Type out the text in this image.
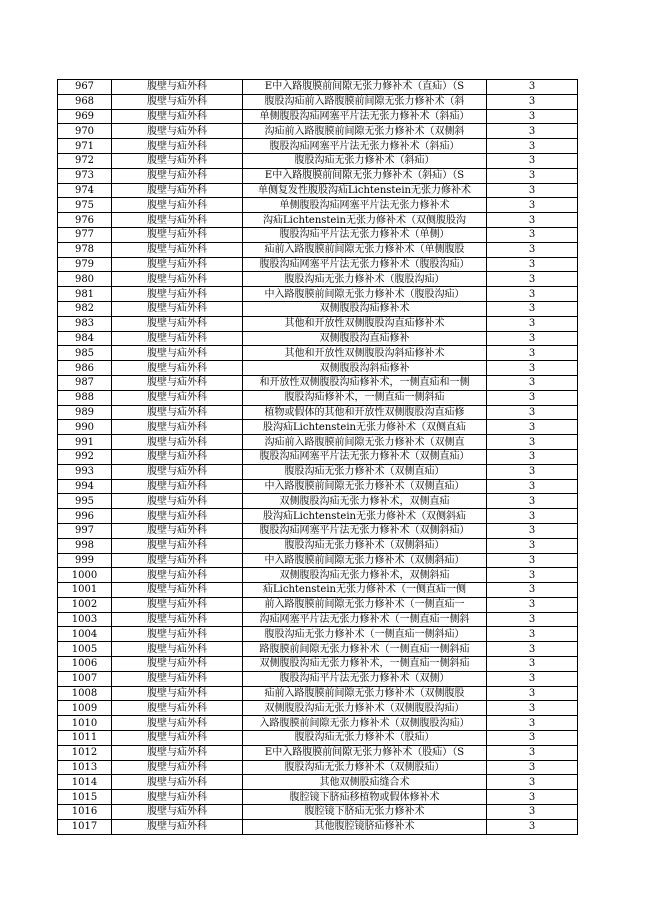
967	腹壁与疝外科	E中入路腹膜前间隙无张力修补术（直疝）（S	3
968	腹壁与疝外科	腹股沟疝前入路腹膜前间隙无张力修补术（斜	3
969	腹壁与疝外科	单侧腹股沟疝网塞平片法无张力修补术（斜疝）	3
970	腹壁与疝外科	沟疝前入路腹膜前间隙无张力修补术（双侧斜	3
971	腹壁与疝外科	腹股沟疝网塞平片法无张力修补术（斜疝）	3
972	腹壁与疝外科	腹股沟疝无张力修补术（斜疝）	3
973	腹壁与疝外科	E中入路腹膜前间隙无张力修补术（斜疝）（S	3
974	腹壁与疝外科	单侧复发性腹股沟疝Lichtenstein无张力修补术	3
975	腹壁与疝外科	单侧腹股沟疝网塞平片法无张力修补术	3
976	腹壁与疝外科	沟疝Lichtenstein无张力修补术（双侧腹股沟	3
977	腹壁与疝外科	腹股沟疝平片法无张力修补术（单侧）	3
978	腹壁与疝外科	疝前入路腹膜前间隙无张力修补术（单侧腹股	3
979	腹壁与疝外科	腹股沟疝网塞平片法无张力修补术（腹股沟疝）	3
980	腹壁与疝外科	腹股沟疝无张力修补术（腹股沟疝）	3
981	腹壁与疝外科	中入路腹膜前间隙无张力修补术（腹股沟疝）	3
982	腹壁与疝外科	双侧腹股沟疝修补术	3
983	腹壁与疝外科	其他和开放性双侧腹股沟直疝修补术	3
984	腹壁与疝外科	双侧腹股沟直疝修补	3
985	腹壁与疝外科	其他和开放性双侧腹股沟斜疝修补术	3
986	腹壁与疝外科	双侧腹股沟斜疝修补	3
987	腹壁与疝外科	和开放性双侧腹股沟疝修补术，一侧直疝和一侧	3
988	腹壁与疝外科	腹股沟疝修补术，一侧直疝一侧斜疝	3
989	腹壁与疝外科	植物或假体的其他和开放性双侧腹股沟直疝修	3
990	腹壁与疝外科	股沟疝Lichtenstein无张力修补术（双侧直疝	3
991	腹壁与疝外科	沟疝前入路腹膜前间隙无张力修补术（双侧直	3
992	腹壁与疝外科	腹股沟疝网塞平片法无张力修补术（双侧直疝）	3
993	腹壁与疝外科	腹股沟疝无张力修补术（双侧直疝）	3
994	腹壁与疝外科	中入路腹膜前间隙无张力修补术（双侧直疝）	3
995	腹壁与疝外科	双侧腹股沟疝无张力修补术，双侧直疝	3
996	腹壁与疝外科	股沟疝Lichtenstein无张力修补术（双侧斜疝	3
997	腹壁与疝外科	腹股沟疝网塞平片法无张力修补术（双侧斜疝）	3
998	腹壁与疝外科	腹股沟疝无张力修补术（双侧斜疝）	3
999	腹壁与疝外科	中入路腹膜前间隙无张力修补术（双侧斜疝）	3
1000	腹壁与疝外科	双侧腹股沟疝无张力修补术，双侧斜疝	3
1001	腹壁与疝外科	疝Lichtenstein无张力修补术（一侧直疝一侧	3
1002	腹壁与疝外科	前入路腹膜前间隙无张力修补术（一侧直疝一	3
1003	腹壁与疝外科	沟疝网塞平片法无张力修补术（一侧直疝一侧斜	3
1004	腹壁与疝外科	腹股沟疝无张力修补术（一侧直疝一侧斜疝）	3
1005	腹壁与疝外科	路腹膜前间隙无张力修补术（一侧直疝一侧斜疝	3
1006	腹壁与疝外科	双侧腹股沟疝无张力修补术，一侧直疝一侧斜疝	3
1007	腹壁与疝外科	腹股沟疝平片法无张力修补术（双侧）	3
1008	腹壁与疝外科	疝前入路腹膜前间隙无张力修补术（双侧腹股	3
1009	腹壁与疝外科	双侧腹股沟疝无张力修补术（双侧腹股沟疝）	3
1010	腹壁与疝外科	入路腹膜前间隙无张力修补术（双侧腹股沟疝）	3
1011	腹壁与疝外科	腹股沟疝无张力修补术（股疝）	3
1012	腹壁与疝外科	E中入路腹膜前间隙无张力修补术（股疝）（S	3
1013	腹壁与疝外科	腹股沟疝无张力修补术（双侧股疝）	3
1014	腹壁与疝外科	其他双侧股疝缝合术	3
1015	腹壁与疝外科	腹腔镜下脐疝移植物或假体修补术	3
1016	腹壁与疝外科	腹腔镜下脐疝无张力修补术	3
1017	腹壁与疝外科	其他腹腔镜脐疝修补术	3
